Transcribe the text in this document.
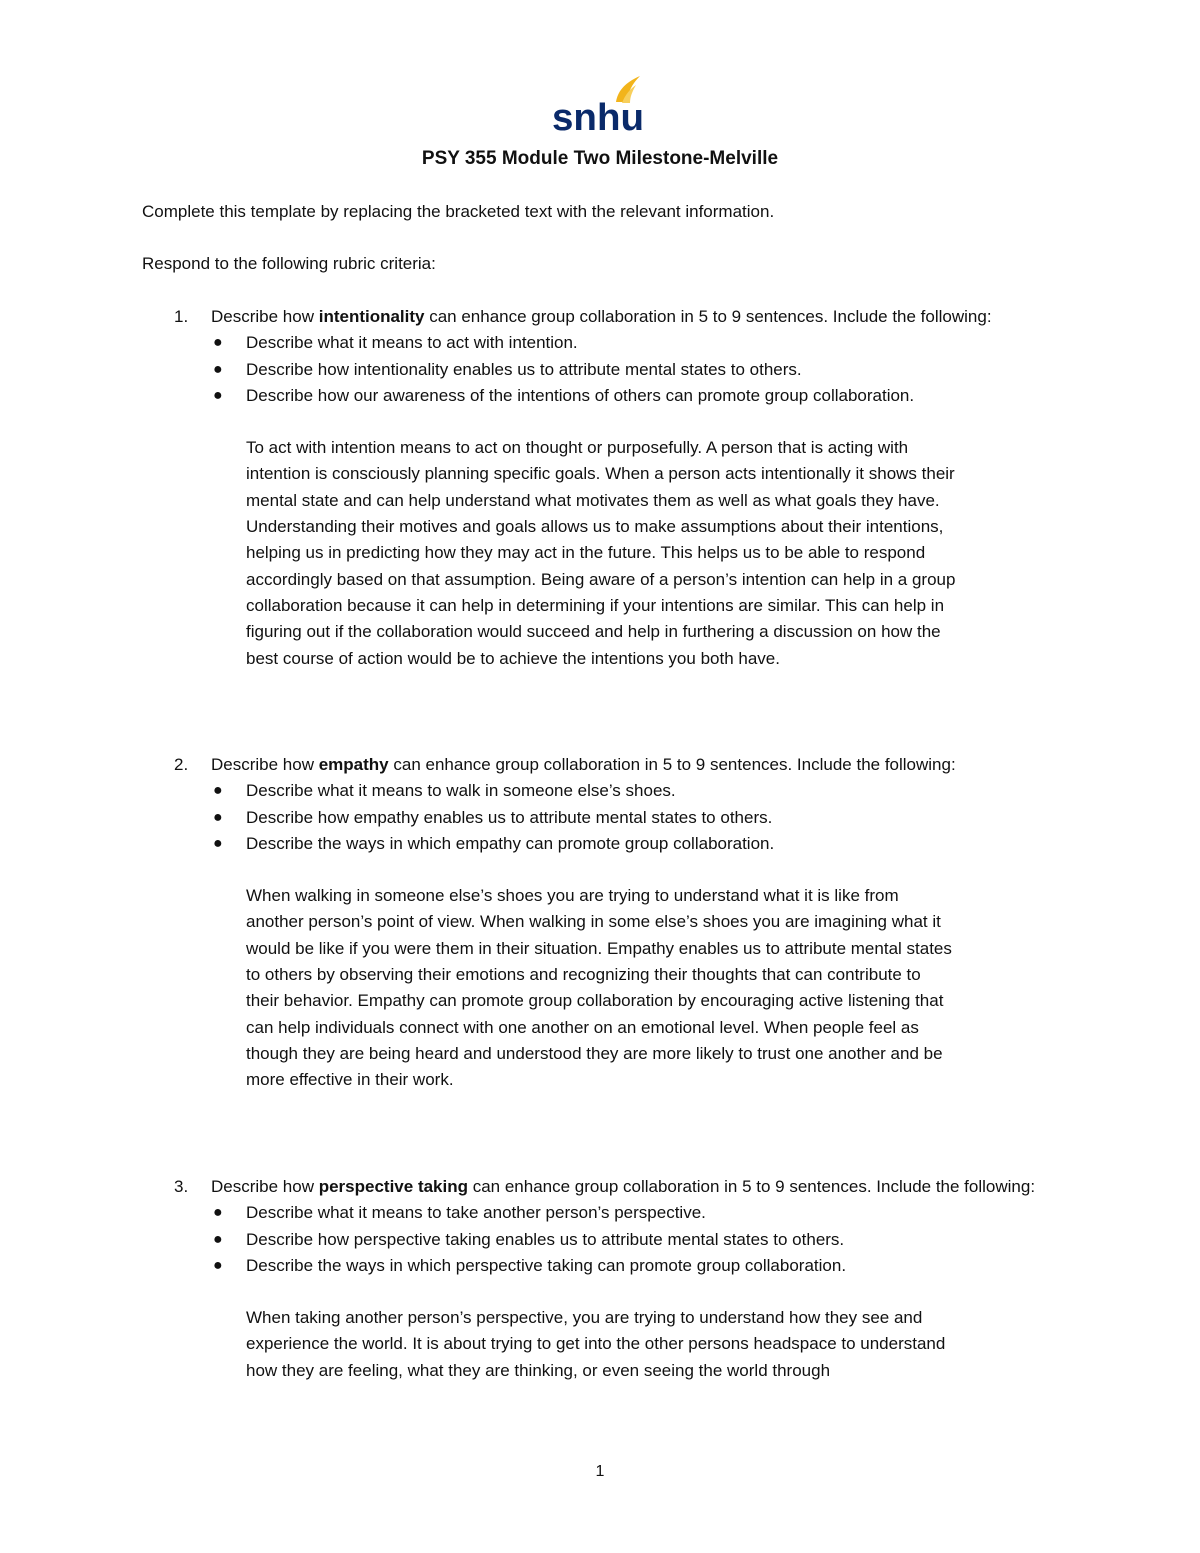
snhu
PSY 355 Module Two Milestone-Melville

Complete this template by replacing the bracketed text with the relevant information.

Respond to the following rubric criteria:

1. Describe how intentionality can enhance group collaboration in 5 to 9 sentences. Include the following:

● Describe what it means to act with intention.
● Describe how intentionality enables us to attribute mental states to others.
● Describe how our awareness of the intentions of others can promote group collaboration.

To act with intention means to act on thought or purposefully. A person that is acting with intention is consciously planning specific goals. When a person acts intentionally it shows their mental state and can help understand what motivates them as well as what goals they have. Understanding their motives and goals allows us to make assumptions about their intentions, helping us in predicting how they may act in the future. This helps us to be able to respond accordingly based on that assumption. Being aware of a person’s intention can help in a group collaboration because it can help in determining if your intentions are similar. This can help in figuring out if the collaboration would succeed and help in furthering a discussion on how the best course of action would be to achieve the intentions you both have.

2. Describe how empathy can enhance group collaboration in 5 to 9 sentences. Include the following:

● Describe what it means to walk in someone else’s shoes.
● Describe how empathy enables us to attribute mental states to others.
● Describe the ways in which empathy can promote group collaboration.

When walking in someone else’s shoes you are trying to understand what it is like from another person’s point of view. When walking in some else’s shoes you are imagining what it would be like if you were them in their situation. Empathy enables us to attribute mental states to others by observing their emotions and recognizing their thoughts that can contribute to their behavior. Empathy can promote group collaboration by encouraging active listening that can help individuals connect with one another on an emotional level. When people feel as though they are being heard and understood they are more likely to trust one another and be more effective in their work.

3. Describe how perspective taking can enhance group collaboration in 5 to 9 sentences. Include the following:

● Describe what it means to take another person’s perspective.
● Describe how perspective taking enables us to attribute mental states to others.
● Describe the ways in which perspective taking can promote group collaboration.

When taking another person’s perspective, you are trying to understand how they see and experience the world. It is about trying to get into the other persons headspace to understand how they are feeling, what they are thinking, or even seeing the world through

1
